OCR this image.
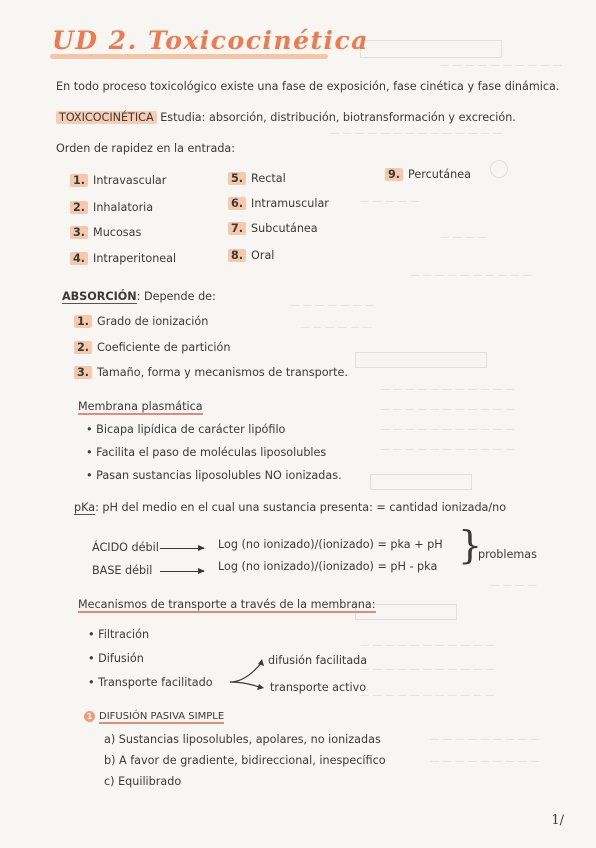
— — — — — — — — — —
— — — — — — — — — — — — — —
— — — — —
— — — —
— — — — — — — — — —
— — — — — — —
— — — — — —
— — — — — — — — — — —
— — — — — — — — — — —
— — — — — — — — — — —
— — — — — — — — — — —
— — — —
— — — — — — — — — — —
— — — — — — — — — — —
— — — — — — — — — — —
— — — — — — — — —
— — — — — — — — —
UD 2. Toxicocinética
En todo proceso toxicológico existe una fase de exposición, fase cinética y fase dinámica.
TOXICOCINÉTICA Estudia: absorción, distribución, biotransformación y excreción.
Orden de rapidez en la entrada:
1. Intravascular
2. Inhalatoria
3. Mucosas
4. Intraperitoneal
5. Rectal
6. Intramuscular
7. Subcutánea
8. Oral
9. Percutánea
ABSORCIÓN: Depende de:
1. Grado de ionización
2. Coeficiente de partición
3. Tamaño, forma y mecanismos de transporte.
Membrana plasmática
• Bicapa lipídica de carácter lipófilo
• Facilita el paso de moléculas liposolubles
• Pasan sustancias liposolubles NO ionizadas.
pKa: pH del medio en el cual una sustancia presenta: = cantidad ionizada/no
ÁCIDO débil	Log (no ionizado)/(ionizado) = pka + pH
BASE débil	Log (no ionizado)/(ionizado) = pH - pka }
problemas
Mecanismos de transporte a través de la membrana:
• Filtración
• Difusión
• Transporte facilitado
difusión facilitada
transporte activo
1 DIFUSIÓN PASIVA SIMPLE
a) Sustancias liposolubles, apolares, no ionizadas
b) A favor de gradiente, bidireccional, inespecífico
c) Equilibrado
1/
